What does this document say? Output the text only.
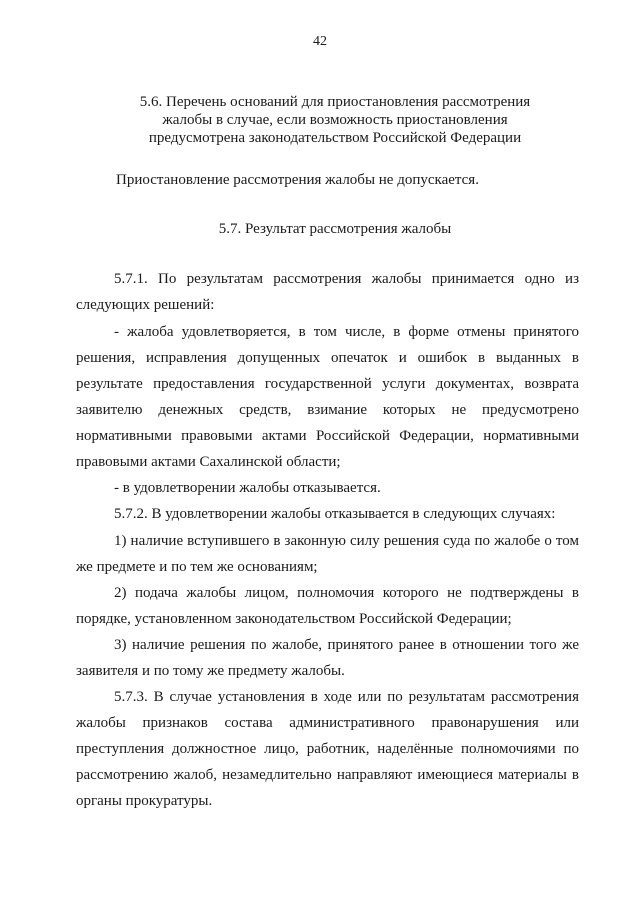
42
5.6. Перечень оснований для приостановления рассмотрения
жалобы в случае, если возможность приостановления
предусмотрена законодательством Российской Федерации
Приостановление рассмотрения жалобы не допускается.
5.7. Результат рассмотрения жалобы
5.7.1. По результатам рассмотрения жалобы принимается одно из
следующих решений:
- жалоба удовлетворяется, в том числе, в форме отмены принятого
решения, исправления допущенных опечаток и ошибок в выданных в
результате предоставления государственной услуги документах, возврата
заявителю денежных средств, взимание которых не предусмотрено
нормативными правовыми актами Российской Федерации, нормативными
правовыми актами Сахалинской области;
- в удовлетворении жалобы отказывается.
5.7.2. В удовлетворении жалобы отказывается в следующих случаях:
1) наличие вступившего в законную силу решения суда по жалобе о том
же предмете и по тем же основаниям;
2) подача жалобы лицом, полномочия которого не подтверждены в
порядке, установленном законодательством Российской Федерации;
3) наличие решения по жалобе, принятого ранее в отношении того же
заявителя и по тому же предмету жалобы.
5.7.3. В случае установления в ходе или по результатам рассмотрения
жалобы признаков состава административного правонарушения или
преступления должностное лицо, работник, наделённые полномочиями по
рассмотрению жалоб, незамедлительно направляют имеющиеся материалы в
органы прокуратуры.
